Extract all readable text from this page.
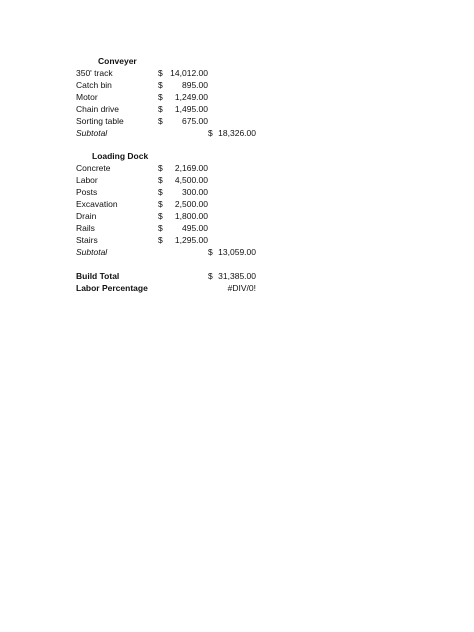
Conveyer
350' track	$ 14,012.00
Catch bin	$	895.00
Motor	$	1,249.00
Chain drive	$	1,495.00
Sorting table	$	675.00
Subtotal	$ 18,326.00
Loading Dock
Concrete	$	2,169.00
Labor	$	4,500.00
Posts	$	300.00
Excavation	$	2,500.00
Drain	$	1,800.00
Rails	$	495.00
Stairs	$	1,295.00
Subtotal	$ 13,059.00
Build Total	$ 31,385.00
Labor Percentage	#DIV/0!
